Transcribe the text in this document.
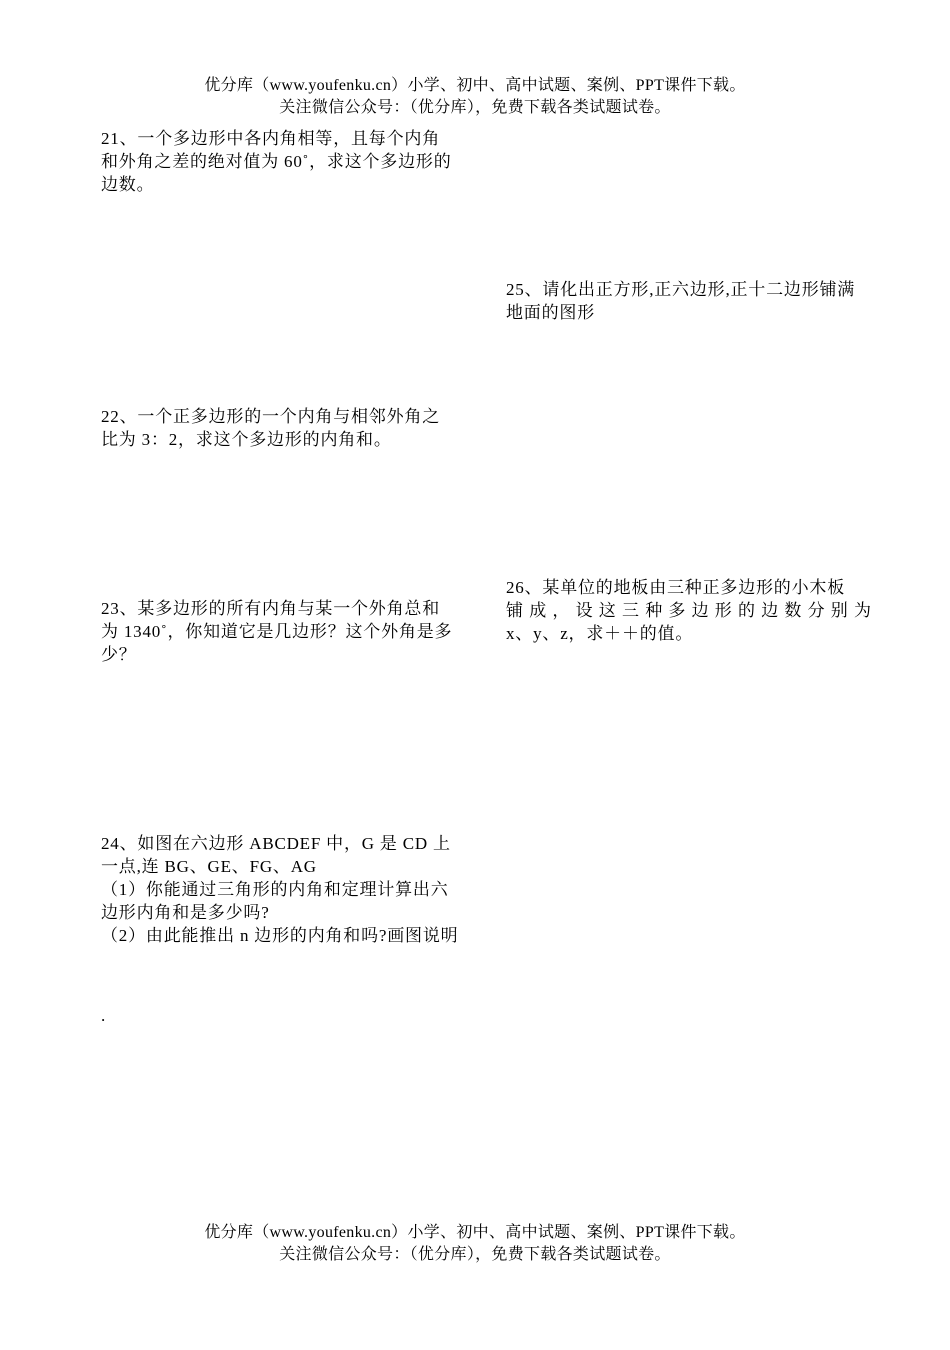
优分库（www.youfenku.cn）小学、初中、高中试题、案例、PPT课件下载。
关注微信公众号：（优分库），免费下载各类试题试卷。
21、一个多边形中各内角相等，且每个内角
和外角之差的绝对值为 60˚，求这个多边形的
边数。
25、请化出正方形,正六边形,正十二边形铺满
地面的图形
22、一个正多边形的一个内角与相邻外角之
比为 3：2，求这个多边形的内角和。
26、某单位的地板由三种正多边形的小木板
铺成，设这三种多边形的边数分别为
x、y、z，求＋＋的值。
23、某多边形的所有内角与某一个外角总和
为 1340˚，你知道它是几边形？这个外角是多
少？
24、如图在六边形 ABCDEF 中，G 是 CD 上
一点,连 BG、GE、FG、AG
（1）你能通过三角形的内角和定理计算出六
边形内角和是多少吗?
（2）由此能推出 n 边形的内角和吗?画图说明
.
优分库（www.youfenku.cn）小学、初中、高中试题、案例、PPT课件下载。
关注微信公众号：（优分库），免费下载各类试题试卷。
